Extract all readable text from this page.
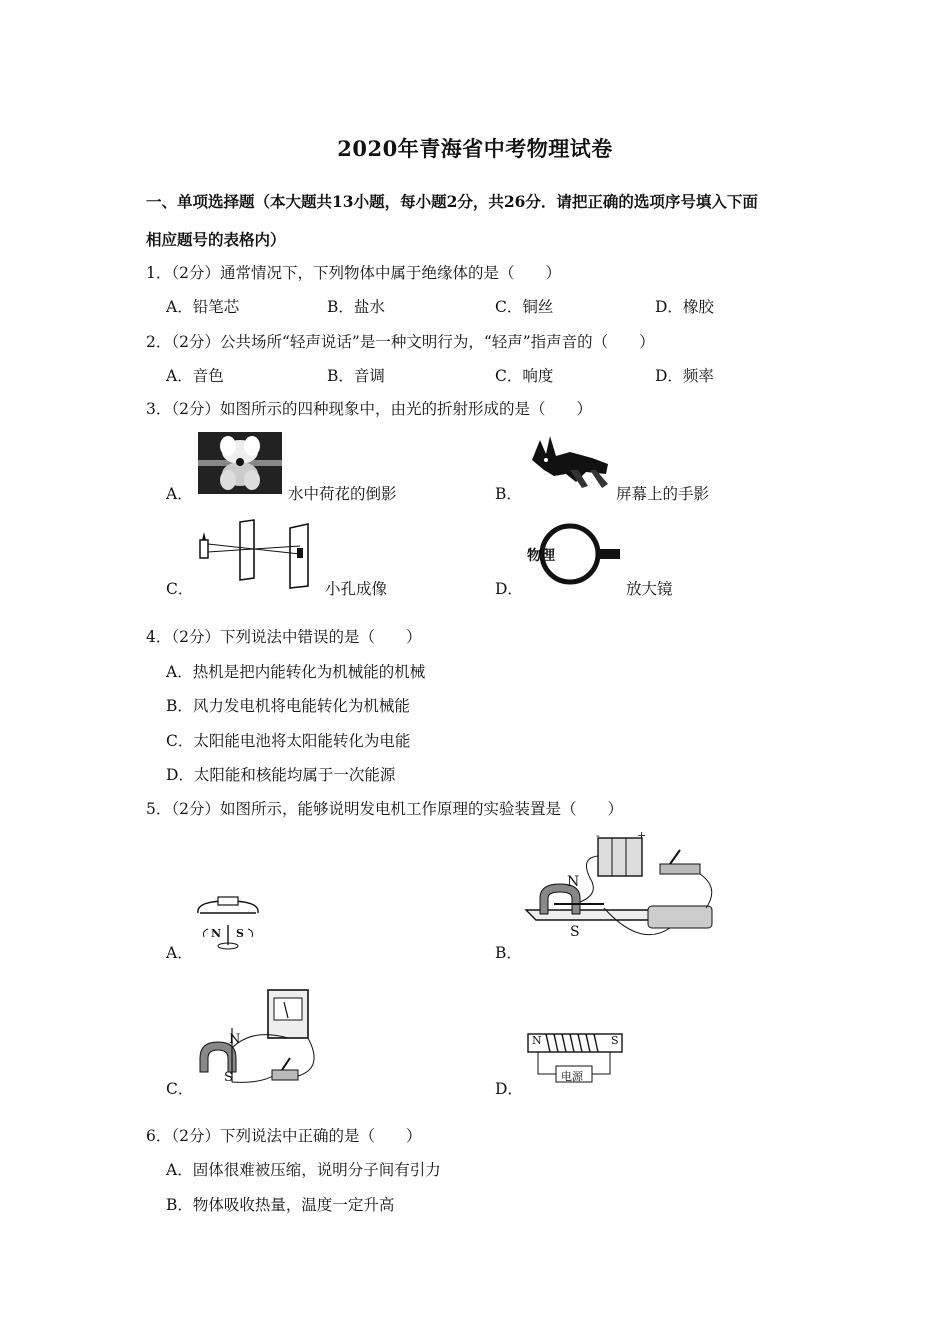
2020年青海省中考物理试卷
一、单项选择题（本大题共13小题，每小题2分，共26分．请把正确的选项序号填入下面
相应题号的表格内）
1．（2分）通常情况下，下列物体中属于绝缘体的是（　　）
A．铅笔芯	B．盐水	C．铜丝	D．橡胶
2．（2分）公共场所“轻声说话”是一种文明行为，“轻声”指声音的（　　）
A．音色	B．音调	C．响度	D．频率
3．（2分）如图所示的四种现象中，由光的折射形成的是（　　）
A．	水中荷花的倒影	B．	屏幕上的手影
C．	小孔成像	D．
物理
放大镜
4．（2分）下列说法中错误的是（　　）
A．热机是把内能转化为机械能的机械
B．风力发电机将电能转化为机械能
C．太阳能电池将太阳能转化为电能
D．太阳能和核能均属于一次能源
5．（2分）如图所示，能够说明发电机工作原理的实验装置是（　　）
A．
N S
B．
-	+
N
S
C．
N
S
D．
N	S
电源
6．（2分）下列说法中正确的是（　　）
A．固体很难被压缩，说明分子间有引力
B．物体吸收热量，温度一定升高
